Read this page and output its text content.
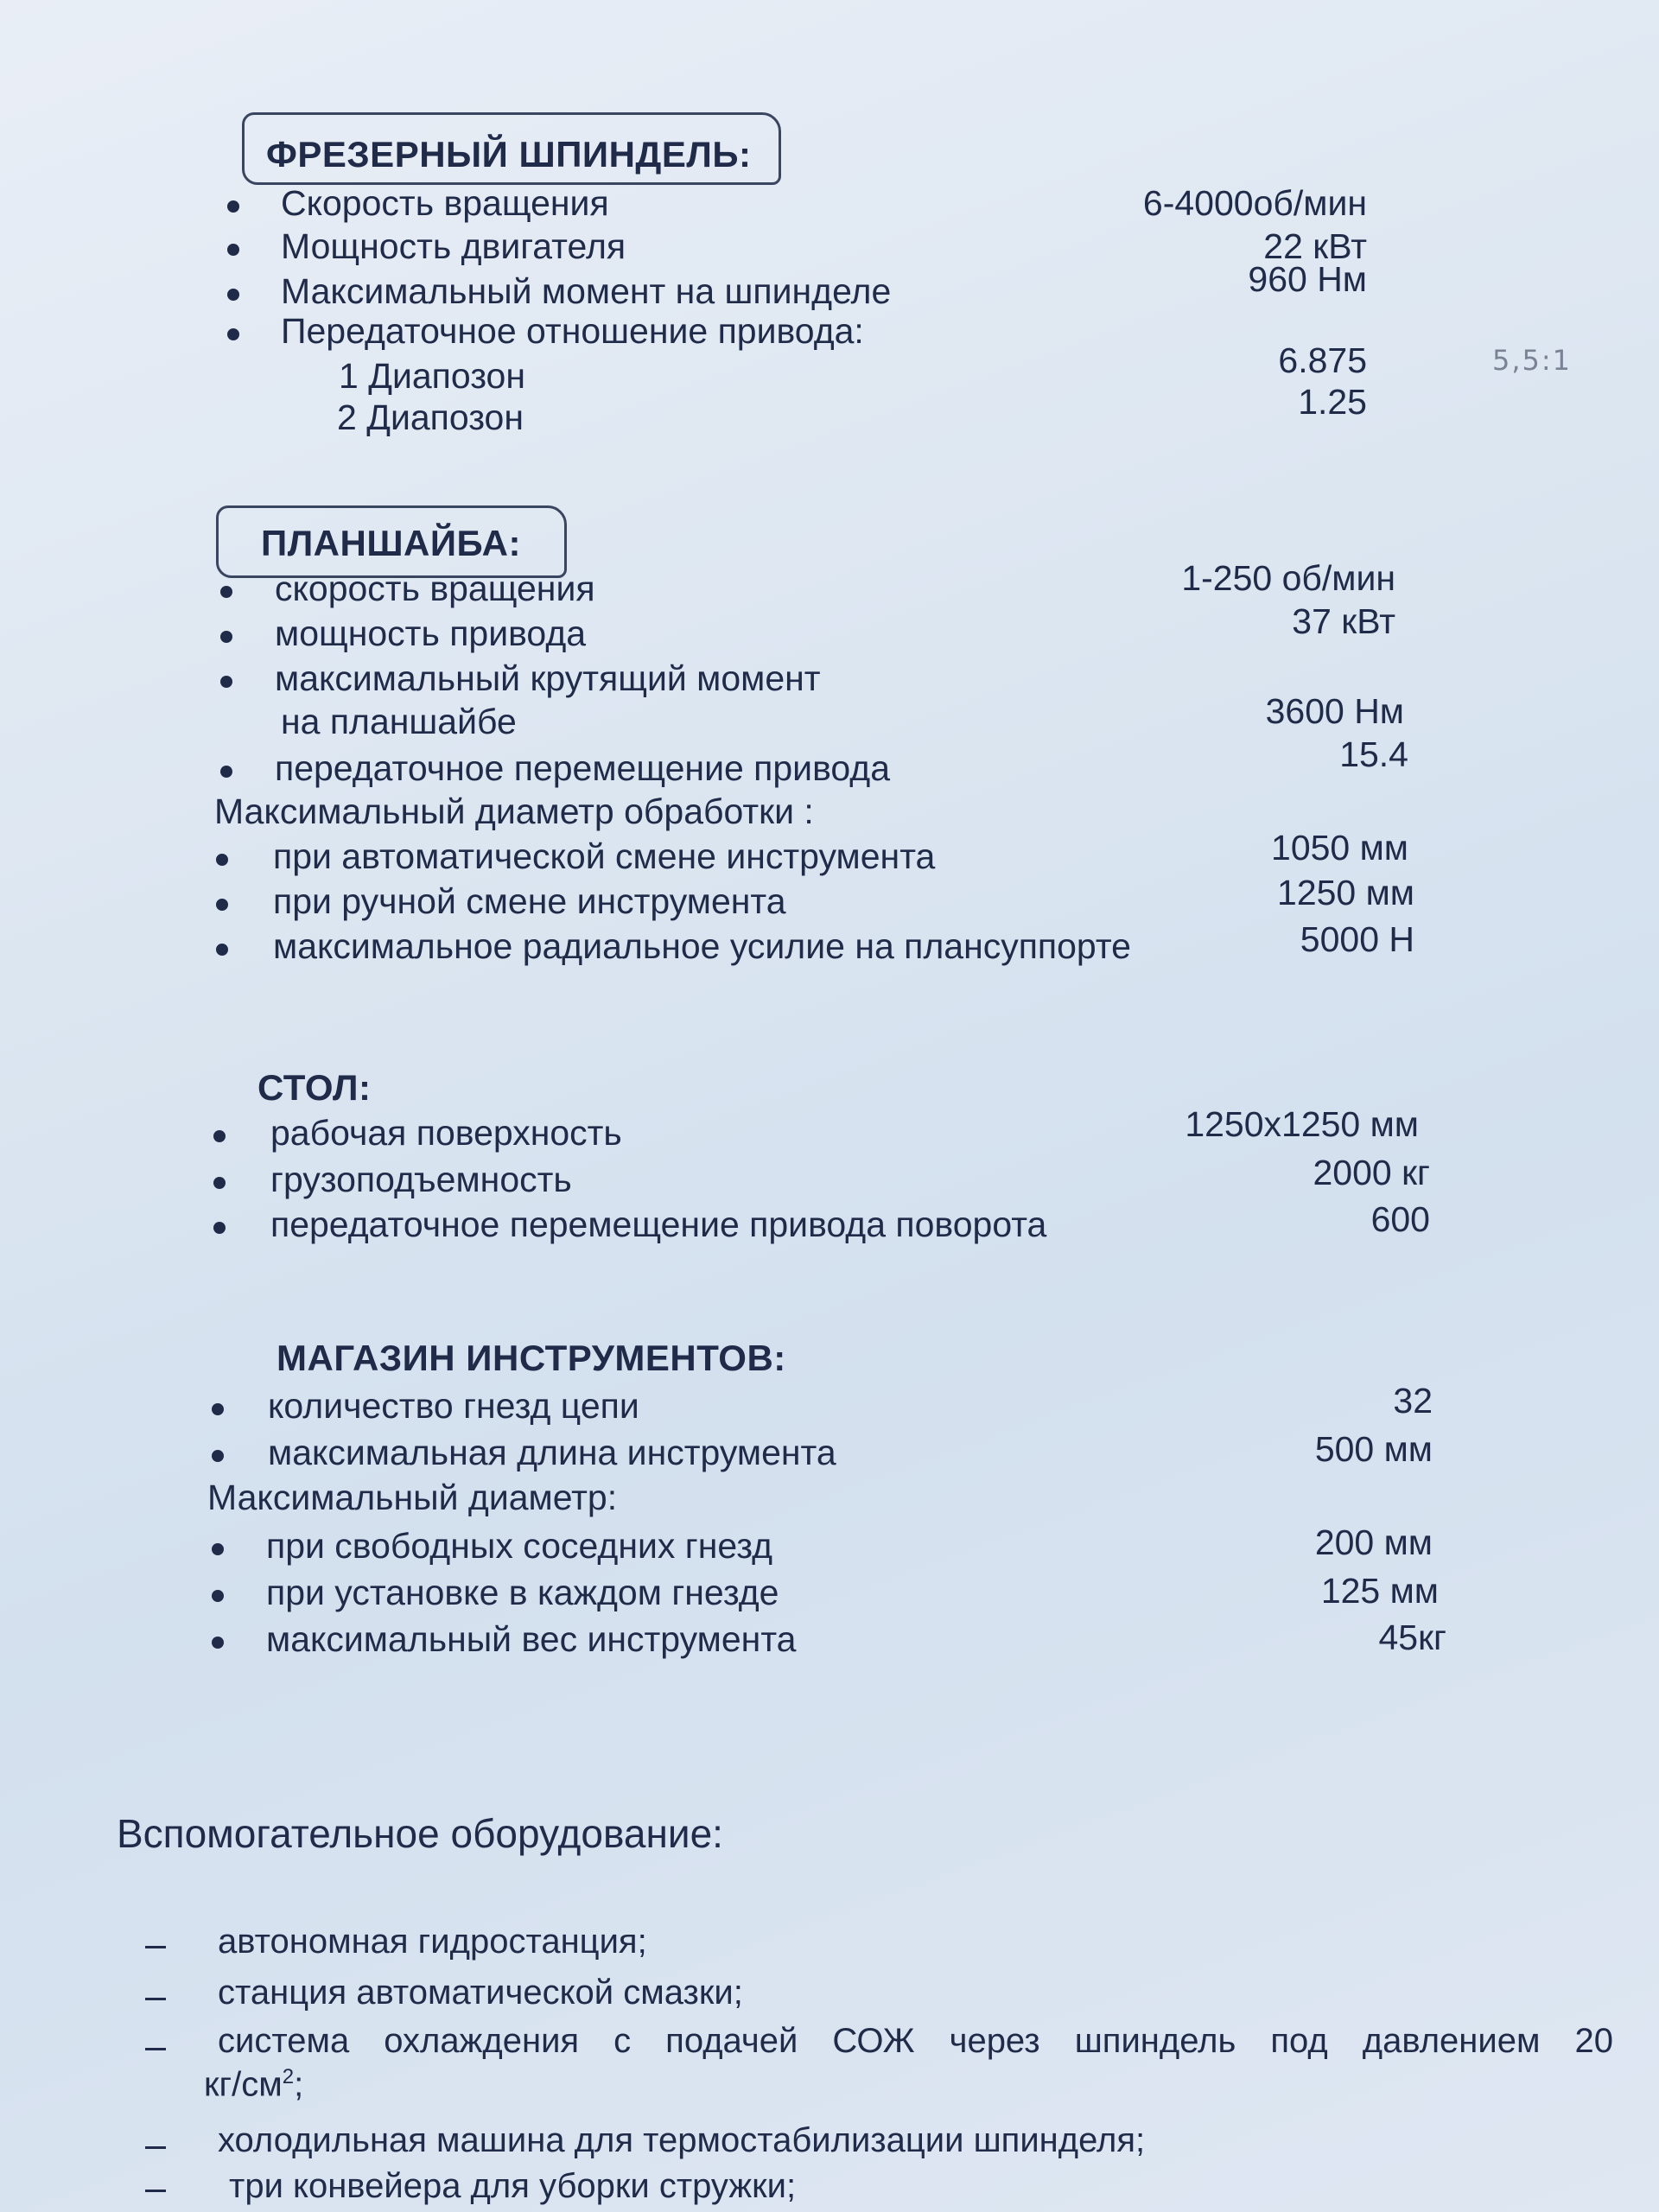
ФРЕЗЕРНЫЙ ШПИНДЕЛЬ:
Скорость вращения	6-4000об/мин
Мощность двигателя	22 кВт
Максимальный момент на шпинделе	960 Нм
Передаточное отношение привода:
1 Диапозон	6.875	5,5:1
2 Диапозон	1.25
ПЛАНШАЙБА:
скорость вращения	1-250 об/мин
мощность привода	37 кВт
максимальный крутящий момент
на планшайбе	3600 Нм
передаточное перемещение привода	15.4
Максимальный диаметр обработки :
при автоматической смене инструмента	1050 мм
при ручной смене инструмента	1250 мм
максимальное радиальное усилие на плансуппорте	5000 Н
СТОЛ:
рабочая поверхность	1250х1250 мм
грузоподъемность	2000 кг
передаточное перемещение привода поворота	600
МАГАЗИН ИНСТРУМЕНТОВ:
количество гнезд цепи	32
максимальная длина инструмента	500 мм
Максимальный диаметр:
при свободных соседних гнезд	200 мм
при установке в каждом гнезде	125 мм
максимальный вес инструмента	45кг
Вспомогательное оборудование:
автономная гидростанция;
станция автоматической смазки;
система охлаждения с подачей СОЖ через шпиндель под давлением 20
$кг/см^2$;
холодильная машина для термостабилизации шпинделя;
три конвейера для уборки стружки;
